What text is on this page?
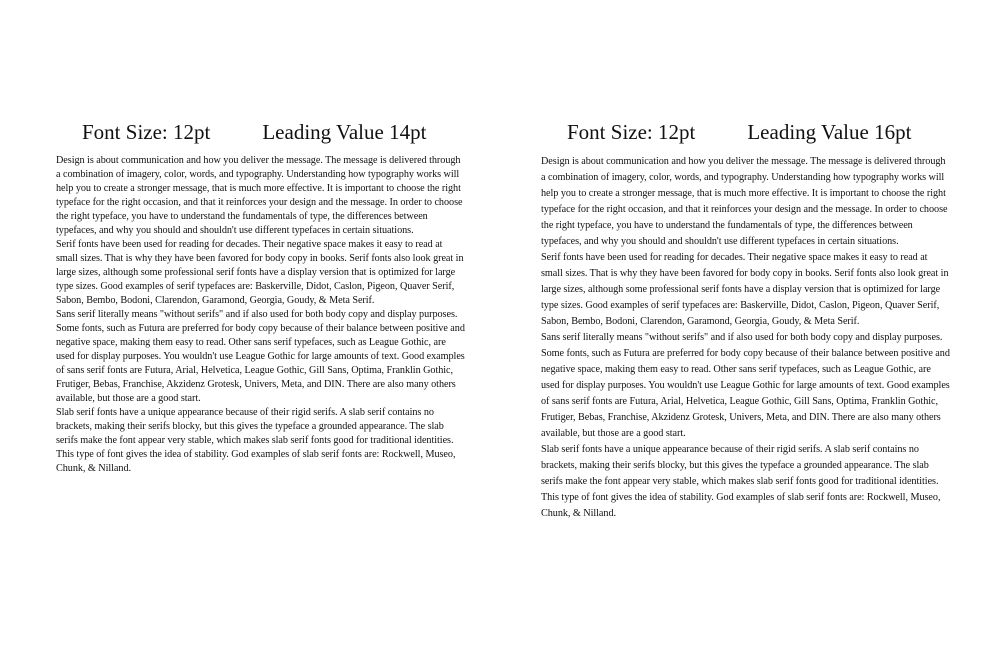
Font Size: 12pt Leading Value 14pt

Design is about communication and how you deliver the message. The message is delivered through a combination of imagery, color, words, and typography. Understanding how typography works will help you to create a stronger message, that is much more effective. It is important to choose the right typeface for the right occasion, and that it reinforces your design and the message. In order to choose the right typeface, you have to understand the fundamentals of type, the differences between typefaces, and why you should and shouldn't use different typefaces in certain situations.

Serif fonts have been used for reading for decades. Their negative space makes it easy to read at small sizes. That is why they have been favored for body copy in books. Serif fonts also look great in large sizes, although some professional serif fonts have a display version that is optimized for large type sizes. Good examples of serif typefaces are: Baskerville, Didot, Caslon, Pigeon, Quaver Serif, Sabon, Bembo, Bodoni, Clarendon, Garamond, Georgia, Goudy, & Meta Serif.

Sans serif literally means "without serifs" and if also used for both body copy and display purposes. Some fonts, such as Futura are preferred for body copy because of their balance between positive and negative space, making them easy to read. Other sans serif typefaces, such as League Gothic, are used for display purposes. You wouldn't use League Gothic for large amounts of text. Good examples of sans serif fonts are Futura, Arial, Helvetica, League Gothic, Gill Sans, Optima, Franklin Gothic, Frutiger, Bebas, Franchise, Akzidenz Grotesk, Univers, Meta, and DIN. There are also many others available, but those are a good start.

Slab serif fonts have a unique appearance because of their rigid serifs. A slab serif contains no brackets, making their serifs blocky, but this gives the typeface a grounded appearance. The slab serifs make the font appear very stable, which makes slab serif fonts good for traditional identities. This type of font gives the idea of stability. God examples of slab serif fonts are: Rockwell, Museo, Chunk, & Nilland.

Font Size: 12pt Leading Value 16pt

Design is about communication and how you deliver the message. The message is delivered through a combination of imagery, color, words, and typography. Understanding how typography works will help you to create a stronger message, that is much more effective. It is important to choose the right typeface for the right occasion, and that it reinforces your design and the message. In order to choose the right typeface, you have to understand the fundamentals of type, the differences between typefaces, and why you should and shouldn't use different typefaces in certain situations.

Serif fonts have been used for reading for decades. Their negative space makes it easy to read at small sizes. That is why they have been favored for body copy in books. Serif fonts also look great in large sizes, although some professional serif fonts have a display version that is optimized for large type sizes. Good examples of serif typefaces are: Baskerville, Didot, Caslon, Pigeon, Quaver Serif, Sabon, Bembo, Bodoni, Clarendon, Garamond, Georgia, Goudy, & Meta Serif.

Sans serif literally means "without serifs" and if also used for both body copy and display purposes. Some fonts, such as Futura are preferred for body copy because of their balance between positive and negative space, making them easy to read. Other sans serif typefaces, such as League Gothic, are used for display purposes. You wouldn't use League Gothic for large amounts of text. Good examples of sans serif fonts are Futura, Arial, Helvetica, League Gothic, Gill Sans, Optima, Franklin Gothic, Frutiger, Bebas, Franchise, Akzidenz Grotesk, Univers, Meta, and DIN. There are also many others available, but those are a good start.

Slab serif fonts have a unique appearance because of their rigid serifs. A slab serif contains no brackets, making their serifs blocky, but this gives the typeface a grounded appearance. The slab serifs make the font appear very stable, which makes slab serif fonts good for traditional identities. This type of font gives the idea of stability. God examples of slab serif fonts are: Rockwell, Museo, Chunk, & Nilland.
